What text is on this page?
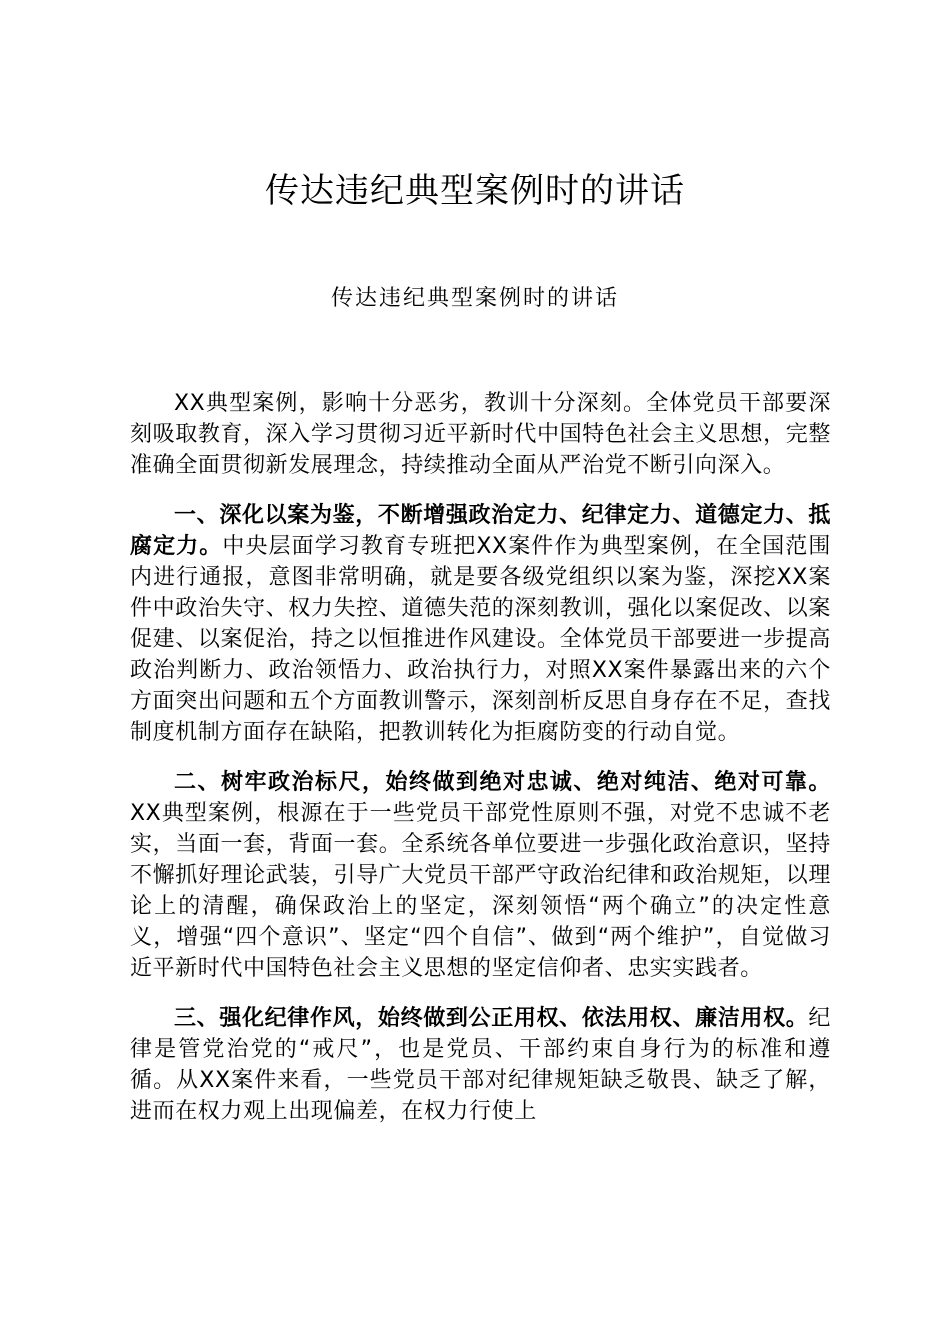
传达违纪典型案例时的讲话
传达违纪典型案例时的讲话

XX典型案例，影响十分恶劣，教训十分深刻。全体党员干部要深刻吸取教育，深入学习贯彻习近平新时代中国特色社会主义思想，完整准确全面贯彻新发展理念，持续推动全面从严治党不断引向深入。

一、深化以案为鉴，不断增强政治定力、纪律定力、道德定力、抵腐定力。中央层面学习教育专班把XX案件作为典型案例，在全国范围内进行通报，意图非常明确，就是要各级党组织以案为鉴，深挖XX案件中政治失守、权力失控、道德失范的深刻教训，强化以案促改、以案促建、以案促治，持之以恒推进作风建设。全体党员干部要进一步提高政治判断力、政治领悟力、政治执行力，对照XX案件暴露出来的六个方面突出问题和五个方面教训警示，深刻剖析反思自身存在不足，查找制度机制方面存在缺陷，把教训转化为拒腐防变的行动自觉。

二、树牢政治标尺，始终做到绝对忠诚、绝对纯洁、绝对可靠。XX典型案例，根源在于一些党员干部党性原则不强，对党不忠诚不老实，当面一套，背面一套。全系统各单位要进一步强化政治意识，坚持不懈抓好理论武装，引导广大党员干部严守政治纪律和政治规矩，以理论上的清醒，确保政治上的坚定，深刻领悟“两个确立”的决定性意义，增强“四个意识”、坚定“四个自信”、做到“两个维护”，自觉做习近平新时代中国特色社会主义思想的坚定信仰者、忠实实践者。

三、强化纪律作风，始终做到公正用权、依法用权、廉洁用权。纪律是管党治党的“戒尺”，也是党员、干部约束自身行为的标准和遵循。从XX案件来看，一些党员干部对纪律规矩缺乏敬畏、缺乏了解，进而在权力观上出现偏差，在权力行使上
